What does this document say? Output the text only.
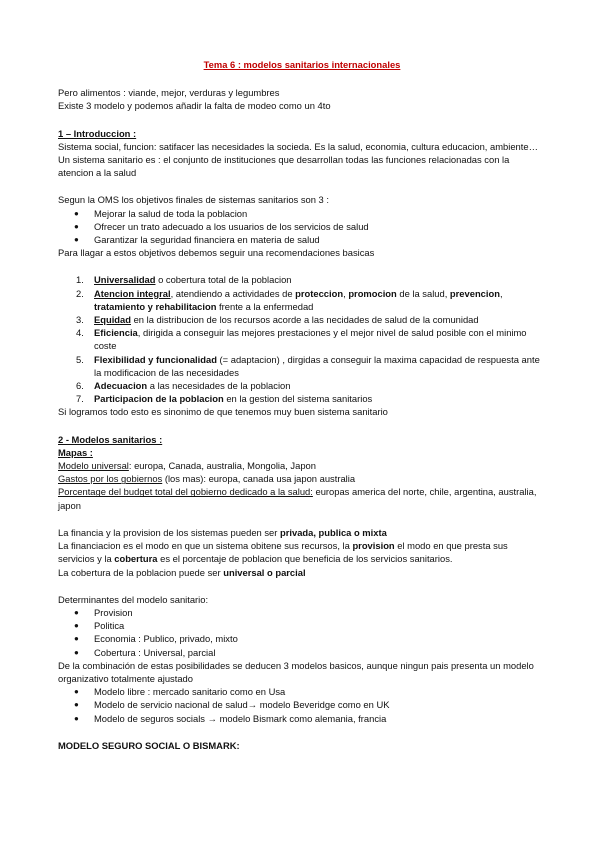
Tema 6 : modelos sanitarios internacionales

Pero alimentos : viande, mejor, verduras y legumbres

Existe 3 modelo y podemos añadir la falta de modeo como un 4to

1 – Introduccion :

Sistema social, funcion: satifacer las necesidades la socieda. Es la salud, economia, cultura educacion, ambiente…

Un sistema sanitario es : el conjunto de instituciones que desarrollan todas las funciones relacionadas con la atencion a la salud

Segun la OMS los objetivos finales de sistemas sanitarios son 3 :

● Mejorar la salud de toda la poblacion
● Ofrecer un trato adecuado a los usuarios de los servicios de salud
● Garantizar la seguridad financiera en materia de salud

Para llagar a estos objetivos debemos seguir una recomendaciones basicas

1. Universalidad o cobertura total de la poblacion
2. Atencion integral, atendiendo a actividades de proteccion, promocion de la salud, prevencion, tratamiento y rehabilitacion frente a la enfermedad
3. Equidad en la distribucion de los recursos acorde a las necidades de salud de la comunidad
4. Eficiencia, dirigida a conseguir las mejores prestaciones y el mejor nivel de salud posible con el minimo coste
5. Flexibilidad y funcionalidad (= adaptacion) , dirgidas a conseguir la maxima capacidad de respuesta ante la modificacion de las necesidades
6. Adecuacion a las necesidades de la poblacion
7. Participacion de la poblacion en la gestion del sistema sanitarios

Si logramos todo esto es sinonimo de que tenemos muy buen sistema sanitario

2 - Modelos sanitarios :

Mapas :

Modelo universal: europa, Canada, australia, Mongolia, Japon

Gastos por los gobiernos (los mas): europa, canada usa japon australia

Porcentage del budget total del gobierno dedicado a la salud: europas america del norte, chile, argentina, australia, japon

La financia y la provision de los sistemas pueden ser privada, publica o mixta

La financiacion es el modo en que un sistema obitene sus recursos, la provision el modo en que presta sus servicios y la cobertura es el porcentaje de poblacion que beneficia de los servicios sanitarios.

La cobertura de la poblacion puede ser universal o parcial

Determinantes del modelo sanitario:

● Provision
● Politica
● Economia : Publico, privado, mixto
● Cobertura : Universal, parcial

De la combinación de estas posibilidades se deducen 3 modelos basicos, aunque ningun pais presenta un modelo organizativo totalmente ajustado

● Modelo libre : mercado sanitario como en Usa
● Modelo de servicio nacional de salud→ modelo Beveridge como en UK
● Modelo de seguros socials → modelo Bismark como alemania, francia

MODELO SEGURO SOCIAL O BISMARK:
